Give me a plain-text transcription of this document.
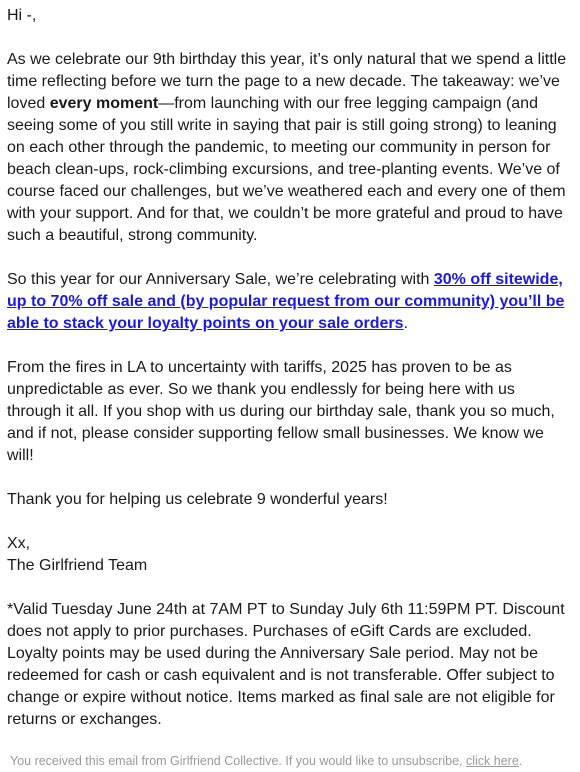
Hi -,

As we celebrate our 9th birthday this year, it’s only natural that we spend a little time reflecting before we turn the page to a new decade. The takeaway: we’ve loved every moment—from launching with our free legging campaign (and seeing some of you still write in saying that pair is still going strong) to leaning on each other through the pandemic, to meeting our community in person for beach clean-ups, rock-climbing excursions, and tree-planting events. We’ve of course faced our challenges, but we’ve weathered each and every one of them with your support. And for that, we couldn’t be more grateful and proud to have such a beautiful, strong community.

So this year for our Anniversary Sale, we’re celebrating with 30% off sitewide, up to 70% off sale and (by popular request from our community) you’ll be able to stack your loyalty points on your sale orders.

From the fires in LA to uncertainty with tariffs, 2025 has proven to be as unpredictable as ever. So we thank you endlessly for being here with us through it all. If you shop with us during our birthday sale, thank you so much, and if not, please consider supporting fellow small businesses. We know we will!

Thank you for helping us celebrate 9 wonderful years!

Xx,
The Girlfriend Team

*Valid Tuesday June 24th at 7AM PT to Sunday July 6th 11:59PM PT. Discount does not apply to prior purchases. Purchases of eGift Cards are excluded. Loyalty points may be used during the Anniversary Sale period. May not be redeemed for cash or cash equivalent and is not transferable. Offer subject to change or expire without notice. Items marked as final sale are not eligible for returns or exchanges.

You received this email from Girlfriend Collective. If you would like to unsubscribe, click here.
